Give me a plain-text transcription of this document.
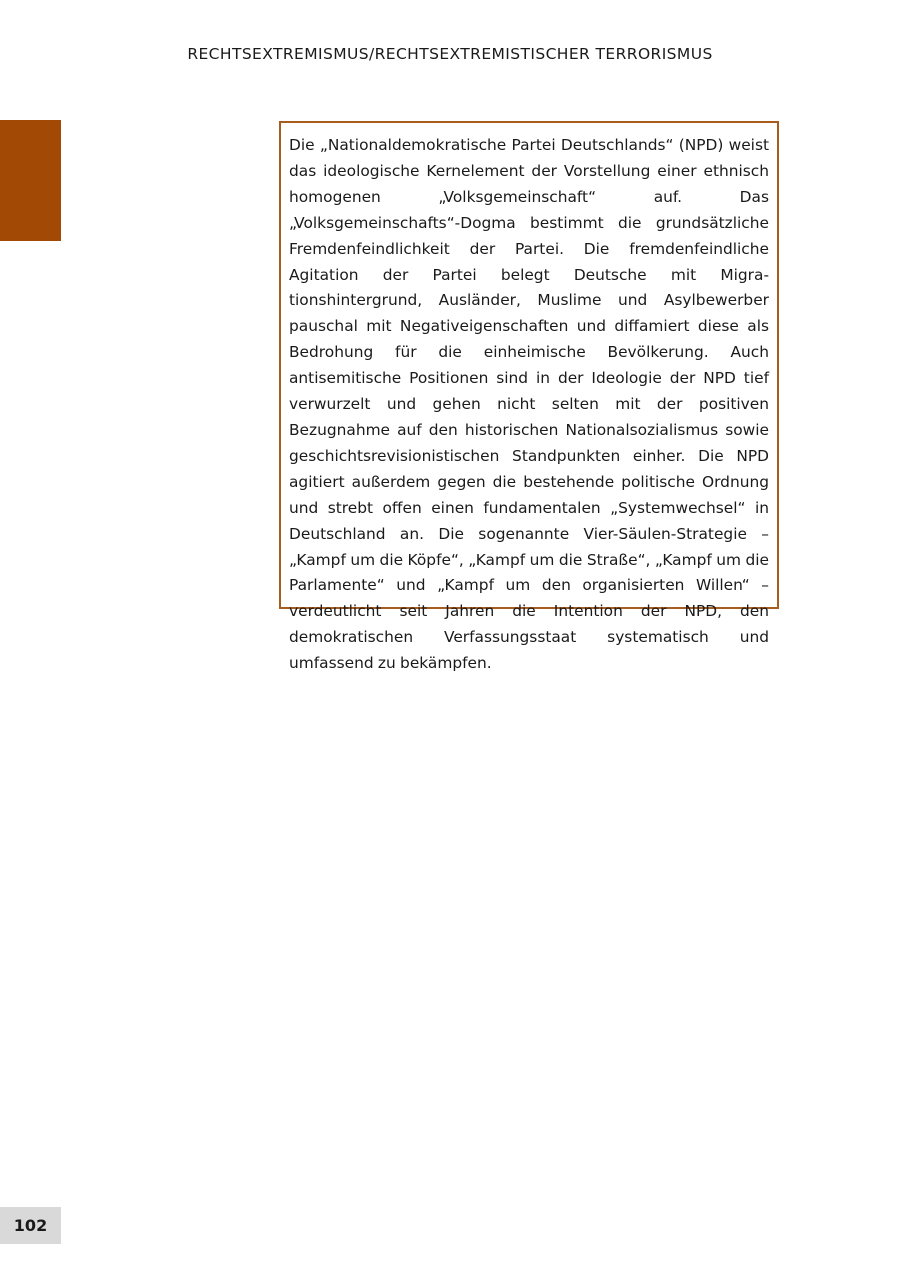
RECHTSEXTREMISMUS/RECHTSEXTREMISTISCHER TERRORISMUS

Die „Nationaldemokratische Partei Deutschlands“ (NPD) weist das ideologische Kernelement der Vorstellung einer ethnisch homogenen „Volksgemeinschaft“ auf. Das „Volksgemeinschafts“-Dogma bestimmt die grundsätzliche Fremdenfeindlichkeit der Partei. Die fremdenfeindliche Agitation der Partei belegt Deutsche mit Migrationshintergrund, Ausländer, Muslime und Asylbewerber pauschal mit Negativeigenschaften und diffamiert diese als Bedrohung für die einheimische Bevölkerung. Auch antisemitische Positionen sind in der Ideologie der NPD tief verwurzelt und gehen nicht selten mit der positiven Bezugnahme auf den historischen Nationalsozialismus sowie geschichtsrevisionistischen Standpunkten einher. Die NPD agitiert außerdem gegen die bestehende politische Ordnung und strebt offen einen fundamentalen „Systemwechsel“ in Deutschland an. Die sogenannte Vier-Säulen-Strategie – „Kampf um die Köpfe“, „Kampf um die Straße“, „Kampf um die Parlamente“ und „Kampf um den organisierten Willen“ – verdeutlicht seit Jahren die Intention der NPD, den demokratischen Verfassungsstaat systematisch und umfassend zu bekämpfen.

102
